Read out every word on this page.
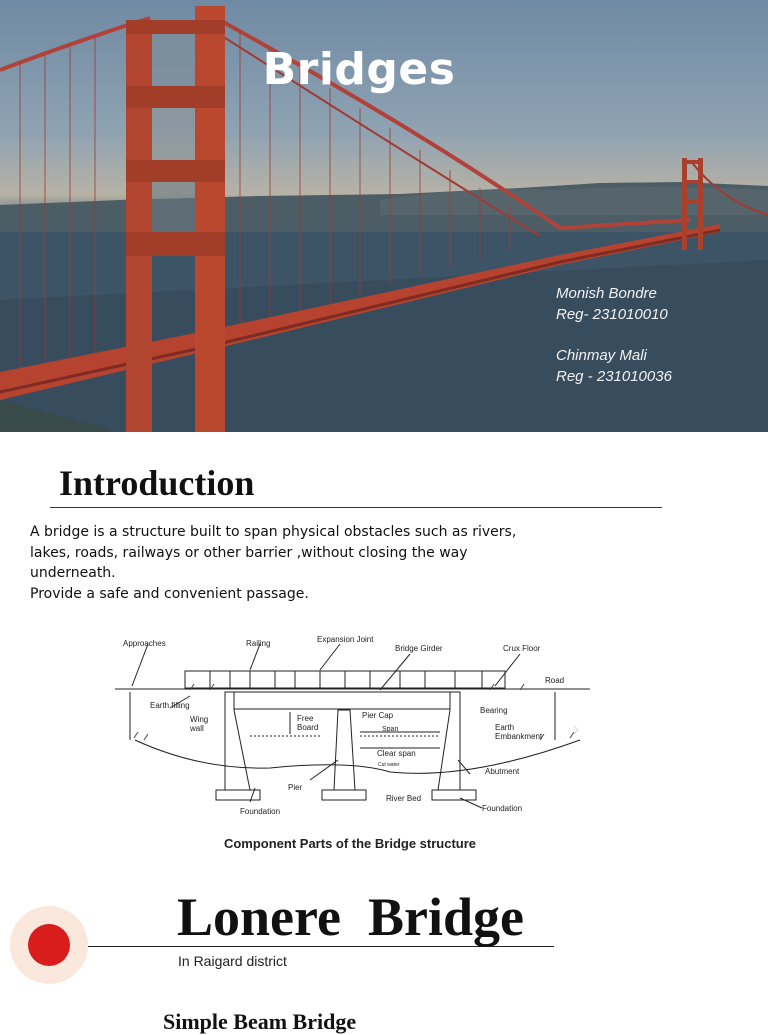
Bridges
Monish Bondre
Reg- 231010010
Chinmay Mali
Reg - 231010036
Introduction
A bridge is a structure built to span physical obstacles such as rivers,
lakes, roads, railways or other barrier ,without closing the way
underneath.
Provide a safe and convenient passage.
Approaches	Railing	Expansion Joint
Bridge Girder	Crux Floor
Road
Earth filling
Wing wall
Free Board
Pier Cap
Span
Bearing
Earth Embankment
Clear span
Cut water
Abutment
Pier
River Bed
Foundation	Foundation
›
Component Parts of the Bridge structure
Lonere  Bridge
In Raigard district
Simple Beam Bridge
